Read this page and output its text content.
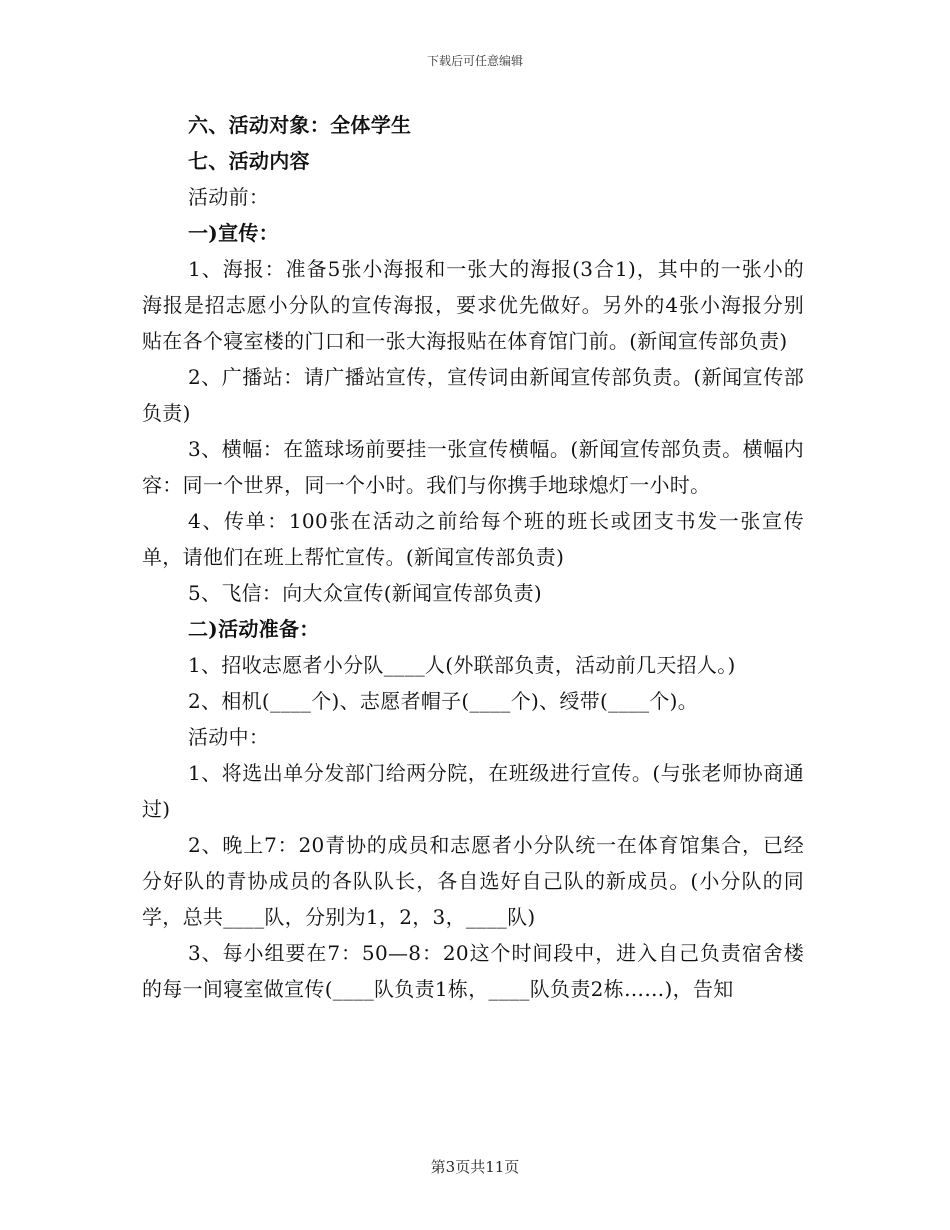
下载后可任意编辑

六、活动对象：全体学生

七、活动内容

活动前：

一)宣传：

1、海报：准备5张小海报和一张大的海报(3合1)，其中的一张小的海报是招志愿小分队的宣传海报，要求优先做好。另外的4张小海报分别贴在各个寝室楼的门口和一张大海报贴在体育馆门前。(新闻宣传部负责)

2、广播站：请广播站宣传，宣传词由新闻宣传部负责。(新闻宣传部负责)

3、横幅：在篮球场前要挂一张宣传横幅。(新闻宣传部负责。横幅内容：同一个世界，同一个小时。我们与你携手地球熄灯一小时。

4、传单：100张在活动之前给每个班的班长或团支书发一张宣传单，请他们在班上帮忙宣传。(新闻宣传部负责)

5、飞信：向大众宣传(新闻宣传部负责)

二)活动准备：

1、招收志愿者小分队____人(外联部负责，活动前几天招人。)

2、相机(____个)、志愿者帽子(____个)、绶带(____个)。

活动中：

1、将选出单分发部门给两分院，在班级进行宣传。(与张老师协商通过)

2、晚上7：20青协的成员和志愿者小分队统一在体育馆集合，已经分好队的青协成员的各队队长，各自选好自己队的新成员。(小分队的同学，总共____队，分别为1，2，3，____队)

3、每小组要在7：50—8：20这个时间段中，进入自己负责宿舍楼的每一间寝室做宣传(____队负责1栋，____队负责2栋……)，告知

第3页共11页
